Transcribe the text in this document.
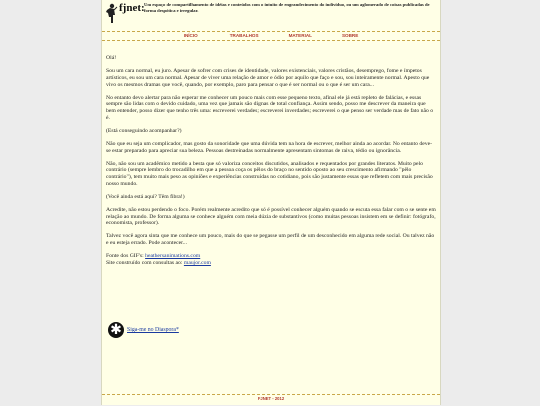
fjnet: Um espaço de compartilhamento de idéias e conteúdos com o intuito de engrandecimento do indivíduo, ou um aglomerado de coisas publicadas de forma despótica e irregular.
INÍCIO	TRABALHOS	MATERIAL	SOBRE

Olá!

Sou um cara normal, eu juro. Apesar de sofrer com crises de identidade, valores existenciais, valores cristãos, desemprego, fome e ímpetos artísticos, eu sou um cara normal. Apesar de viver uma relação de amor e ódio por aquilo que faço e sou, sou inteiramente normal. Apesto que vivo os mesmos dramas que você, quando, por exemplo, paro para pensar o que é ser normal ou o que é ser um cara...

No entanto devo alertar para não esperar me conhecer um pouco mais com esse pequeno texto, afinal ele já está repleto de falácias, e essas sempre são lidas com o devido cuidado, uma vez que jamais são dignas de total confiança. Assim sendo, posso me descrever da maneira que bem entender, posso dizer que tenho três uma: escreverei verdades; escreverei inverdades; escreverei o que penso ser verdade mas de fato não o é.

(Está conseguindo acompanhar?)

Não que eu seja um complicador, mas gosto da sonoridade que uma dúvida tem na hora de escrever, melhor ainda ao acordar. No entanto deve-se estar preparado para apreciar sua beleza. Pessoas destreinadas normalmente apresentam sintomas de raiva, tédio ou ignorância.

Não, não sou um acadêmico metido a besta que só valoriza conceitos discutidos, analisados e requentados por grandes literatos. Muito pelo contrário (sempre lembro do trocadilho em que a pessoa coça os pêlos do braço no sentido oposto ao seu crescimento afirmando "pêlo contrário"), tem muito mais peso as opiniões e experiências construídas no cotidiano, pois são justamente essas que refletem com mais precisão nosso mundo.

(Você ainda está aqui? Têm fibra!)

Acredite, não estou perdendo o foco. Porém realmente acredito que só é possível conhecer alguém quando se escuta essa falar com o se sente em relação ao mundo. De forma alguma se conhece alguém com meia dúzia de substantivos (como muitas pessoas insistem em se definir: fotógrafo, economista, professor).

Talvez você agora sinta que me conhece um pouco, mais do que se pegasse um perfil de um desconhecido em alguma rede social. Ou talvez não e eu esteja errado. Pode acontecer...

Fonte dos GIF's: heathersanimations.com
Site construído com consultas ao: maujor.com

✱ Siga-me no Diaspora*
FJNET - 2012
